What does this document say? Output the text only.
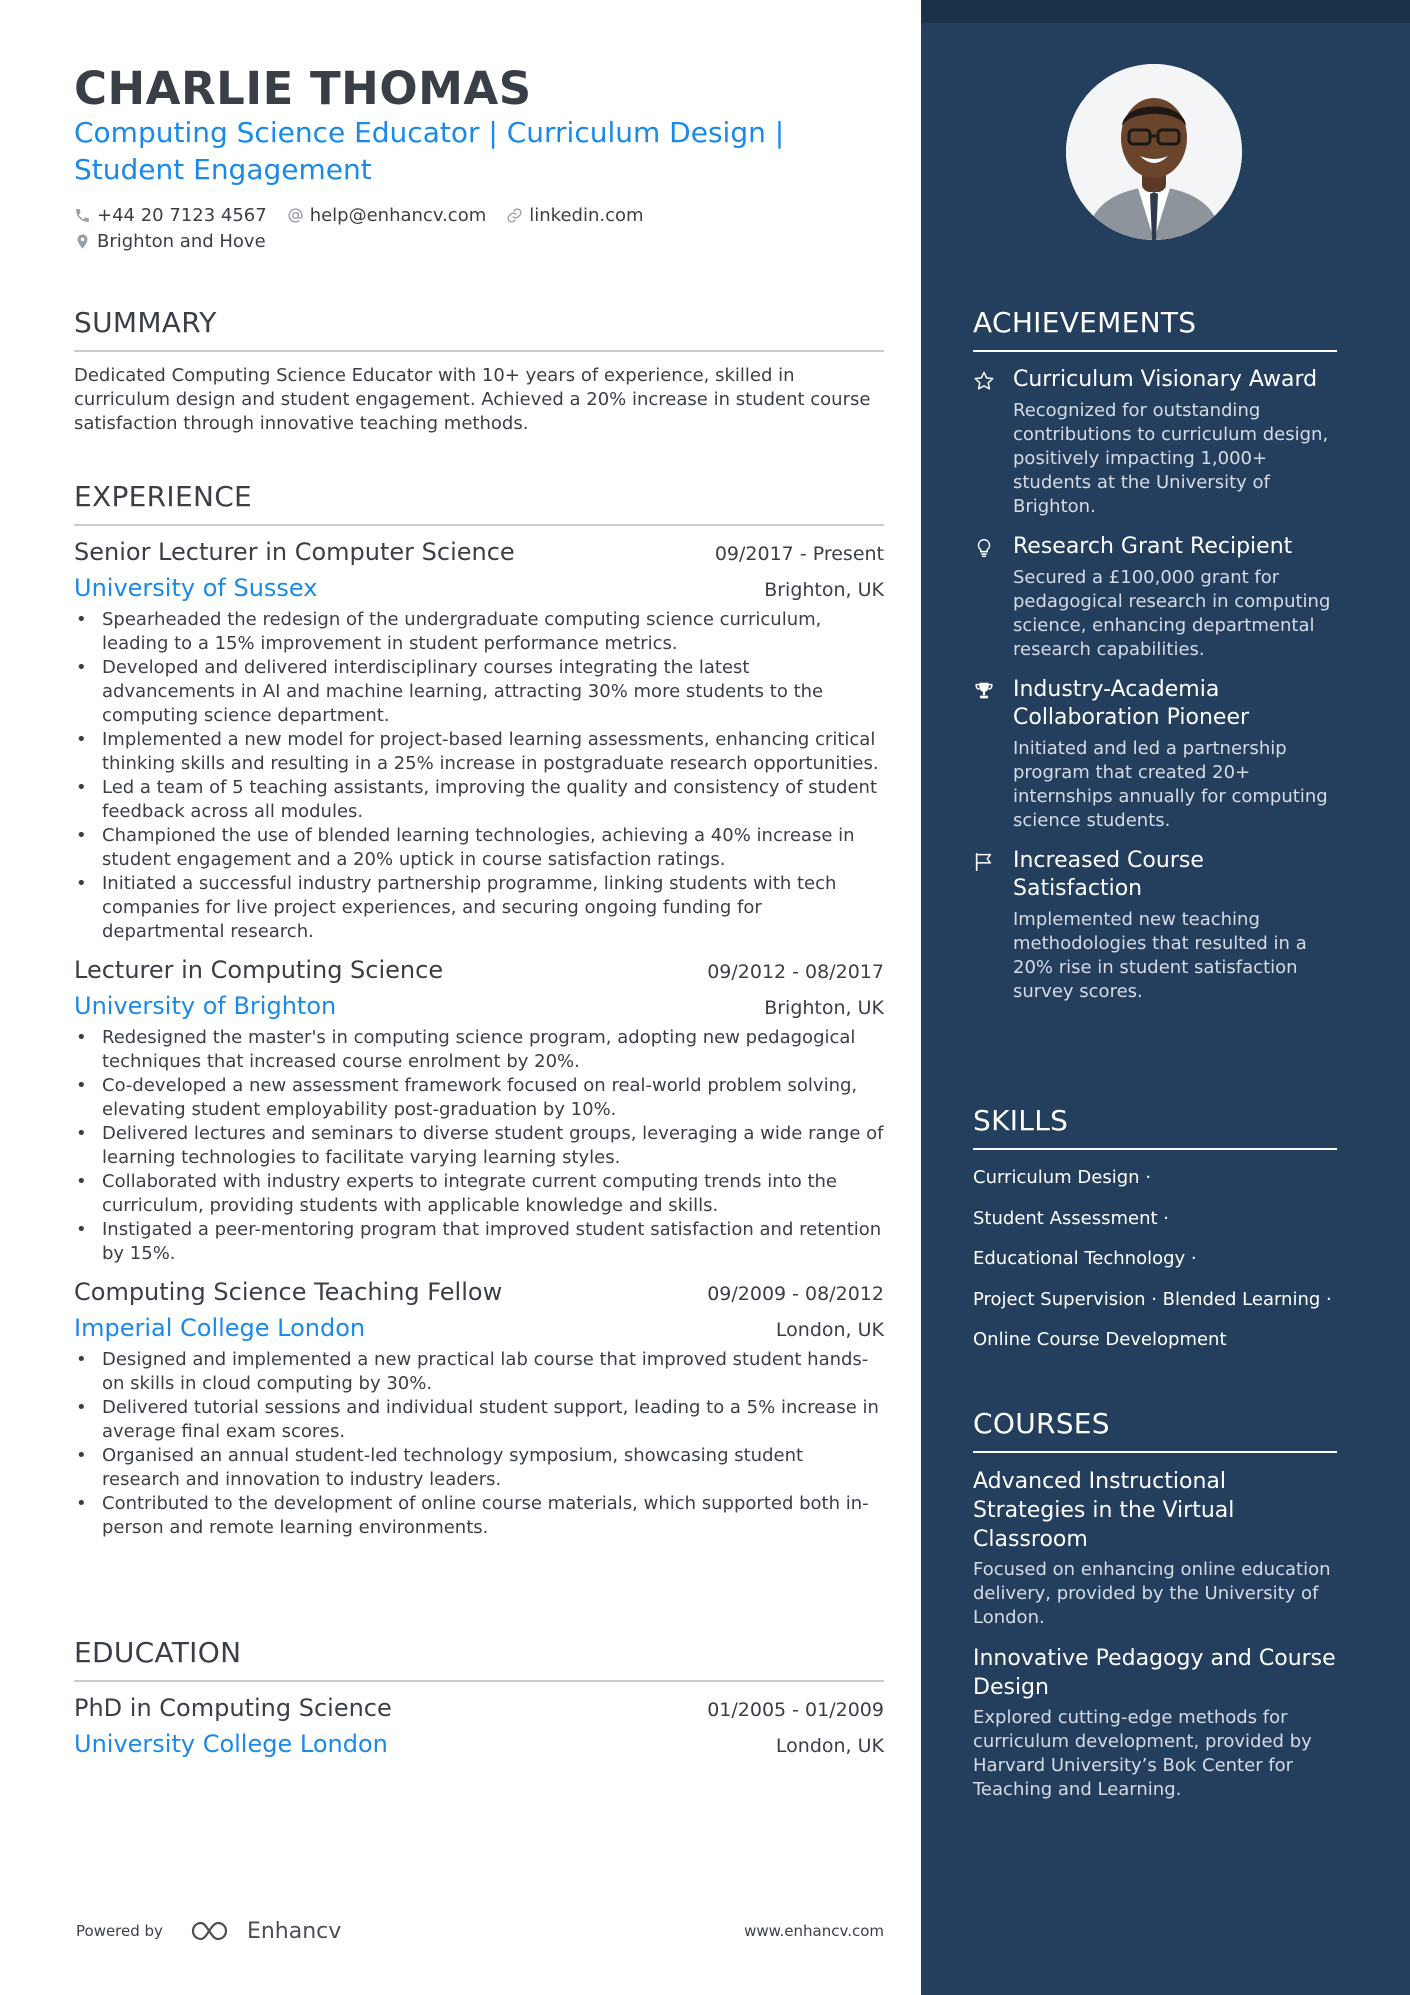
CHARLIE THOMAS
Computing Science Educator | Curriculum Design |
Student Engagement
+44 20 7123 4567 help@enhancv.com linkedin.com
Brighton and Hove
SUMMARY

Dedicated Computing Science Educator with 10+ years of experience, skilled in curriculum design and student engagement. Achieved a 20% increase in student course satisfaction through innovative teaching methods.

EXPERIENCE
Senior Lecturer in Computer Science	09/2017 - Present
University of Sussex	Brighton, UK
• Spearheaded the redesign of the undergraduate computing science curriculum, leading to a 15% improvement in student performance metrics.
• Developed and delivered interdisciplinary courses integrating the latest advancements in AI and machine learning, attracting 30% more students to the computing science department.
• Implemented a new model for project-based learning assessments, enhancing critical thinking skills and resulting in a 25% increase in postgraduate research opportunities.
• Led a team of 5 teaching assistants, improving the quality and consistency of student feedback across all modules.
• Championed the use of blended learning technologies, achieving a 40% increase in student engagement and a 20% uptick in course satisfaction ratings.
• Initiated a successful industry partnership programme, linking students with tech companies for live project experiences, and securing ongoing funding for departmental research.
Lecturer in Computing Science	09/2012 - 08/2017
University of Brighton	Brighton, UK
• Redesigned the master's in computing science program, adopting new pedagogical techniques that increased course enrolment by 20%.
• Co-developed a new assessment framework focused on real-world problem solving, elevating student employability post-graduation by 10%.
• Delivered lectures and seminars to diverse student groups, leveraging a wide range of learning technologies to facilitate varying learning styles.
• Collaborated with industry experts to integrate current computing trends into the curriculum, providing students with applicable knowledge and skills.
• Instigated a peer-mentoring program that improved student satisfaction and retention by 15%.
Computing Science Teaching Fellow	09/2009 - 08/2012
Imperial College London	London, UK
• Designed and implemented a new practical lab course that improved student hands-on skills in cloud computing by 30%.
• Delivered tutorial sessions and individual student support, leading to a 5% increase in average final exam scores.
• Organised an annual student-led technology symposium, showcasing student research and innovation to industry leaders.
• Contributed to the development of online course materials, which supported both in-person and remote learning environments.
EDUCATION
PhD in Computing Science	01/2005 - 01/2009
University College London	London, UK
Powered by	Enhancv	www.enhancv.com
ACHIEVEMENTS
Curriculum Visionary Award
Recognized for outstanding contributions to curriculum design, positively impacting 1,000+ students at the University of Brighton.
Research Grant Recipient
Secured a £100,000 grant for pedagogical research in computing science, enhancing departmental research capabilities.
Industry-Academia Collaboration Pioneer
Initiated and led a partnership program that created 20+ internships annually for computing science students.
Increased Course Satisfaction
Implemented new teaching methodologies that resulted in a 20% rise in student satisfaction survey scores.
SKILLS
Curriculum Design ·
Student Assessment ·
Educational Technology ·
Project Supervision · Blended Learning ·
Online Course Development
COURSES
Advanced Instructional Strategies in the Virtual Classroom
Focused on enhancing online education delivery, provided by the University of London.
Innovative Pedagogy and Course Design
Explored cutting-edge methods for curriculum development, provided by Harvard University’s Bok Center for Teaching and Learning.
